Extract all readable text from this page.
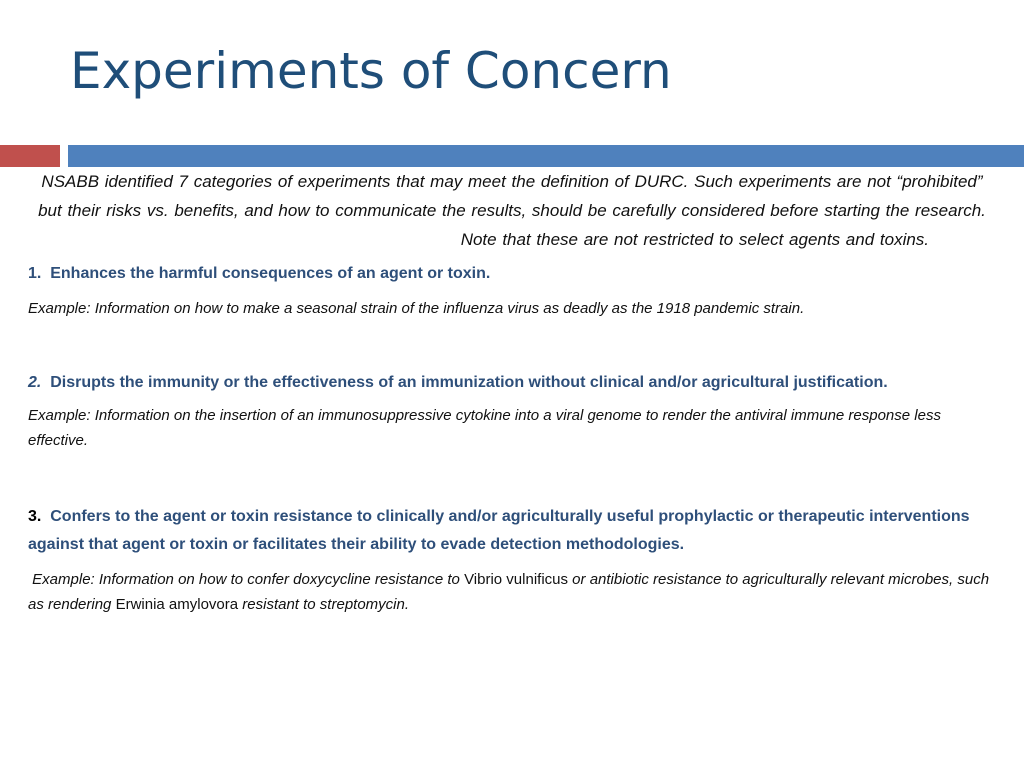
Experiments of Concern

NSABB identified 7 categories of experiments that may meet the definition of DURC. Such experiments are not “prohibited” but their risks vs. benefits, and how to communicate the results, should be carefully considered before starting the research.  Note that these are not restricted to select agents and toxins.

1. Enhances the harmful consequences of an agent or toxin.

Example: Information on how to make a seasonal strain of the influenza virus as deadly as the 1918 pandemic strain.

2. Disrupts the immunity or the effectiveness of an immunization without clinical and/or agricultural justification.

Example: Information on the insertion of an immunosuppressive cytokine into a viral genome to render the antiviral immune response less effective.

3. Confers to the agent or toxin resistance to clinically and/or agriculturally useful prophylactic or therapeutic interventions against that agent or toxin or facilitates their ability to evade detection methodologies.

Example: Information on how to confer doxycycline resistance to Vibrio vulnificus or antibiotic resistance to agriculturally relevant microbes, such as rendering Erwinia amylovora resistant to streptomycin.
